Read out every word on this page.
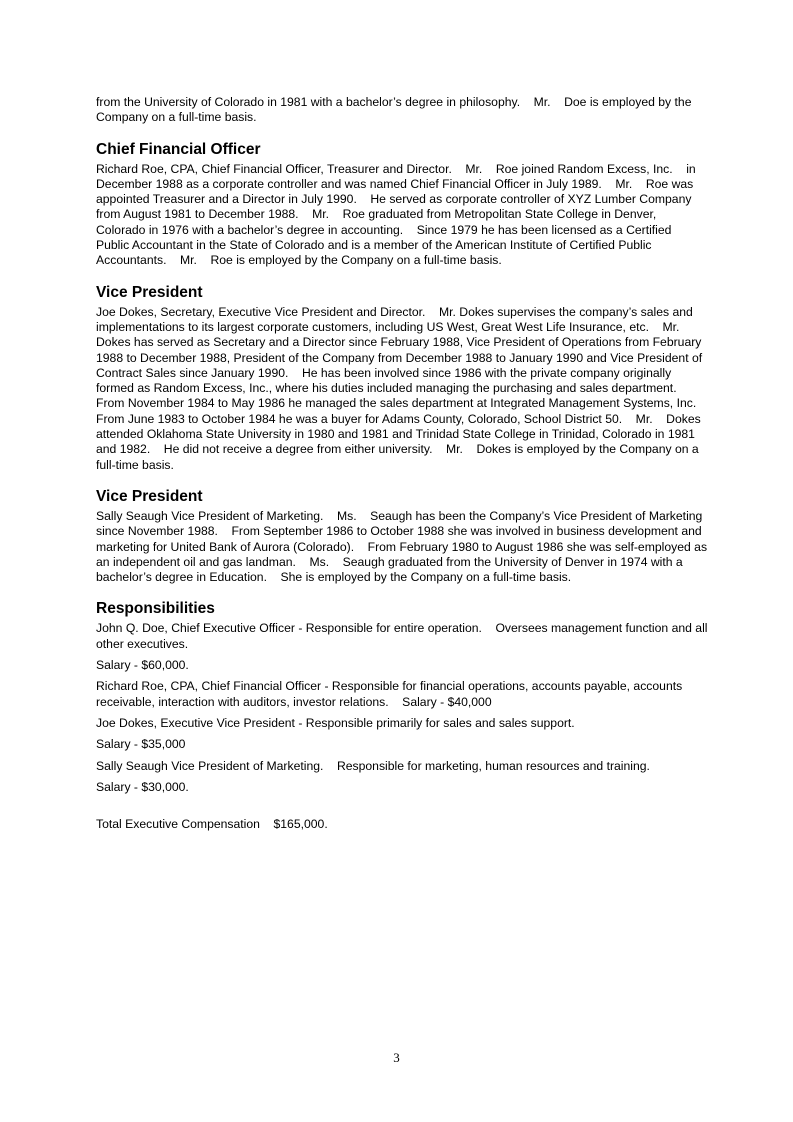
from the University of Colorado in 1981 with a bachelor’s degree in philosophy.    Mr.    Doe is employed by the Company on a full-time basis.

Chief Financial Officer

Richard Roe, CPA, Chief Financial Officer, Treasurer and Director.    Mr.    Roe joined Random Excess, Inc.    in December 1988 as a corporate controller and was named Chief Financial Officer in July 1989.    Mr.    Roe was appointed Treasurer and a Director in July 1990.    He served as corporate controller of XYZ Lumber Company from August 1981 to December 1988.    Mr.    Roe graduated from Metropolitan State College in Denver, Colorado in 1976 with a bachelor’s degree in accounting.    Since 1979 he has been licensed as a Certified Public Accountant in the State of Colorado and is a member of the American Institute of Certified Public Accountants.    Mr.    Roe is employed by the Company on a full-time basis.

Vice President

Joe Dokes, Secretary, Executive Vice President and Director.    Mr. Dokes supervises the company’s sales and implementations to its largest corporate customers, including US West, Great West Life Insurance, etc.    Mr. Dokes has served as Secretary and a Director since February 1988, Vice President of Operations from February 1988 to December 1988, President of the Company from December 1988 to January 1990 and Vice President of Contract Sales since January 1990.    He has been involved since 1986 with the private company originally formed as Random Excess, Inc., where his duties included managing the purchasing and sales department.    From November 1984 to May 1986 he managed the sales department at Integrated Management Systems, Inc.    From June 1983 to October 1984 he was a buyer for Adams County, Colorado, School District 50.    Mr.    Dokes attended Oklahoma State University in 1980 and 1981 and Trinidad State College in Trinidad, Colorado in 1981 and 1982.    He did not receive a degree from either university.    Mr.    Dokes is employed by the Company on a full-time basis.

Vice President

Sally Seaugh Vice President of Marketing.    Ms.    Seaugh has been the Company’s Vice President of Marketing since November 1988.    From September 1986 to October 1988 she was involved in business development and marketing for United Bank of Aurora (Colorado).    From February 1980 to August 1986 she was self-employed as an independent oil and gas landman.    Ms.    Seaugh graduated from the University of Denver in 1974 with a bachelor’s degree in Education.    She is employed by the Company on a full-time basis.

Responsibilities

John Q. Doe, Chief Executive Officer - Responsible for entire operation.    Oversees management function and all other executives.

Salary - $60,000.

Richard Roe, CPA, Chief Financial Officer - Responsible for financial operations, accounts payable, accounts receivable, interaction with auditors, investor relations.    Salary - $40,000

Joe Dokes, Executive Vice President - Responsible primarily for sales and sales support.

Salary - $35,000

Sally Seaugh Vice President of Marketing.    Responsible for marketing, human resources and training.

Salary - $30,000.

Total Executive Compensation    $165,000.

3
